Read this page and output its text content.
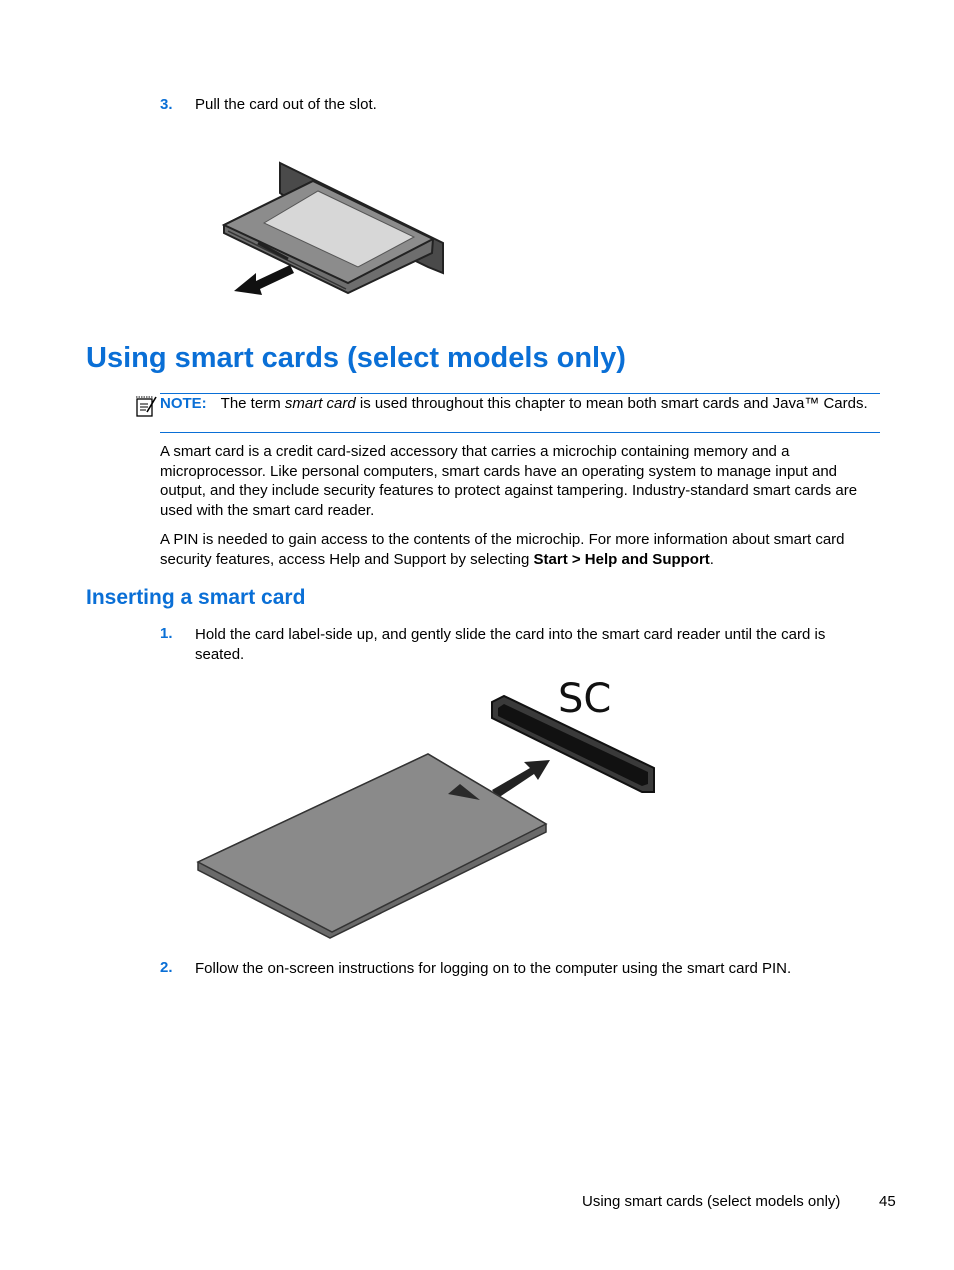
3. Pull the card out of the slot.
Using smart cards (select models only)
NOTE: The term smart card is used throughout this chapter to mean both smart cards and Java™ Cards.
A smart card is a credit card-sized accessory that carries a microchip containing memory and a microprocessor. Like personal computers, smart cards have an operating system to manage input and output, and they include security features to protect against tampering. Industry-standard smart cards are used with the smart card reader.
A PIN is needed to gain access to the contents of the microchip. For more information about smart card security features, access Help and Support by selecting Start > Help and Support.
Inserting a smart card
1. Hold the card label-side up, and gently slide the card into the smart card reader until the card is seated.
SC
2. Follow the on-screen instructions for logging on to the computer using the smart card PIN.
Using smart cards (select models only)	45
